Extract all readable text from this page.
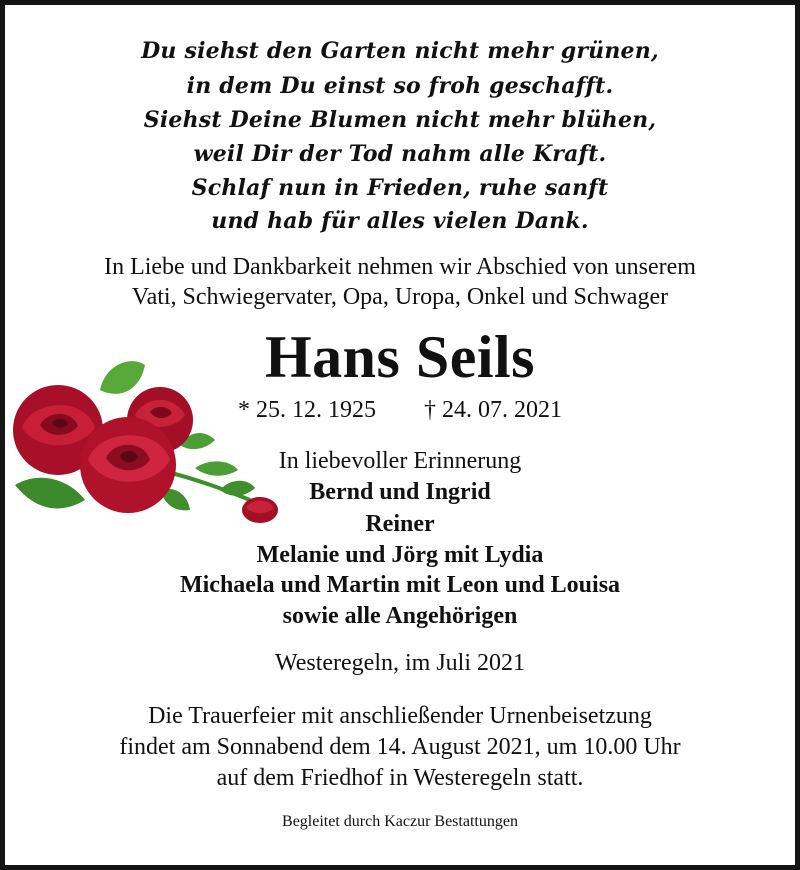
Du siehst den Garten nicht mehr grünen,
in dem Du einst so froh geschafft.
Siehst Deine Blumen nicht mehr blühen,
weil Dir der Tod nahm alle Kraft.
Schlaf nun in Frieden, ruhe sanft
und hab für alles vielen Dank.
In Liebe und Dankbarkeit nehmen wir Abschied von unserem
Vati, Schwiegervater, Opa, Uropa, Onkel und Schwager
Hans Seils
* 25. 12. 1925 † 24. 07. 2021
In liebevoller Erinnerung
Bernd und Ingrid
Reiner
Melanie und Jörg mit Lydia
Michaela und Martin mit Leon und Louisa
sowie alle Angehörigen
Westeregeln, im Juli 2021
Die Trauerfeier mit anschließender Urnenbeisetzung
findet am Sonnabend dem 14. August 2021, um 10.00 Uhr
auf dem Friedhof in Westeregeln statt.
Begleitet durch Kaczur Bestattungen
